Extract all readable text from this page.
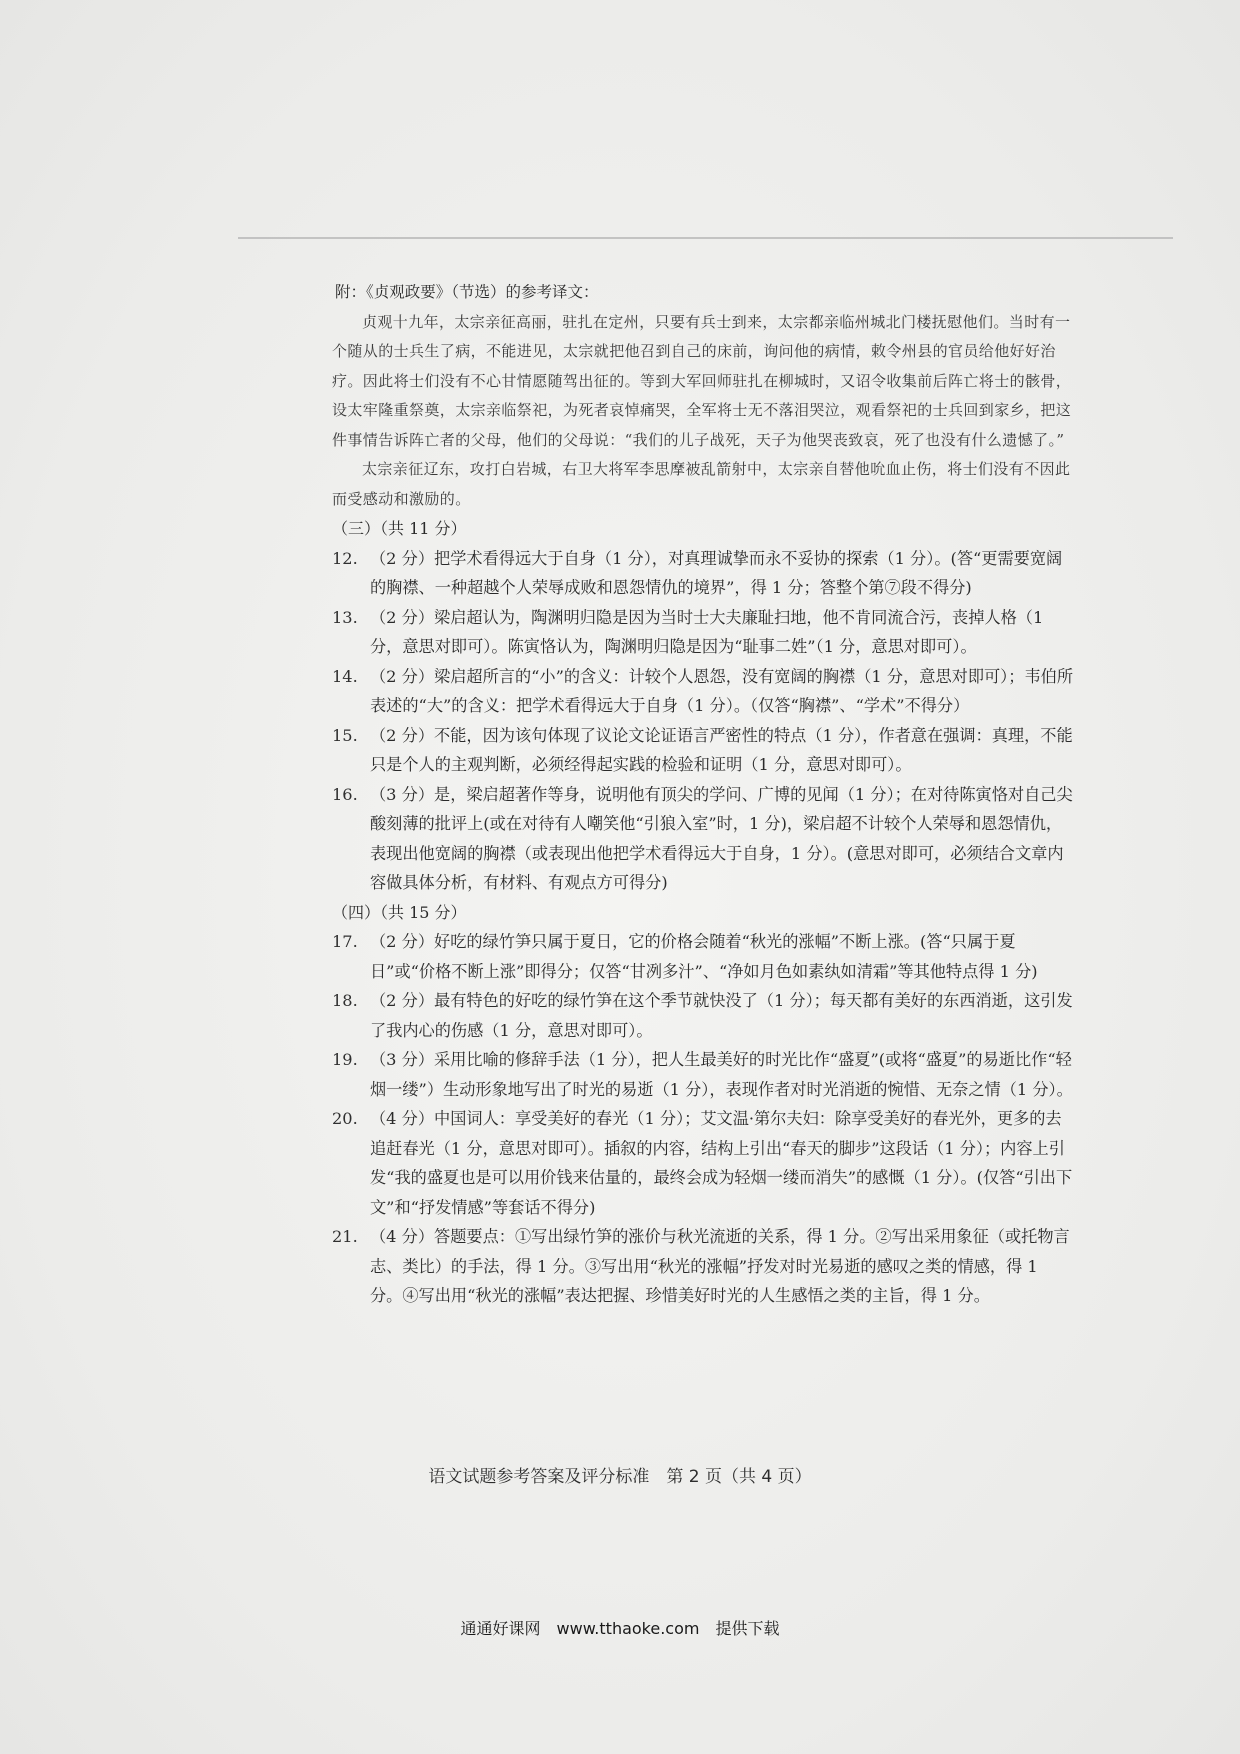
附：《贞观政要》（节选）的参考译文：

贞观十九年，太宗亲征高丽，驻扎在定州，只要有兵士到来，太宗都亲临州城北门楼抚慰他们。当时有一个随从的士兵生了病，不能进见，太宗就把他召到自己的床前，询问他的病情，敕令州县的官员给他好好治疗。因此将士们没有不心甘情愿随驾出征的。等到大军回师驻扎在柳城时，又诏令收集前后阵亡将士的骸骨，设太牢隆重祭奠，太宗亲临祭祀，为死者哀悼痛哭，全军将士无不落泪哭泣，观看祭祀的士兵回到家乡，把这件事情告诉阵亡者的父母，他们的父母说：“我们的儿子战死，天子为他哭丧致哀，死了也没有什么遗憾了。”

太宗亲征辽东，攻打白岩城，右卫大将军李思摩被乱箭射中，太宗亲自替他吮血止伤，将士们没有不因此而受感动和激励的。

（三）（共 11 分）

12. （2 分）把学术看得远大于自身（1 分），对真理诚挚而永不妥协的探索（1 分）。(答“更需要宽阔的胸襟、一种超越个人荣辱成败和恩怨情仇的境界”，得 1 分；答整个第⑦段不得分)
13. （2 分）梁启超认为，陶渊明归隐是因为当时士大夫廉耻扫地，他不肯同流合污，丧掉人格（1 分，意思对即可）。陈寅恪认为，陶渊明归隐是因为“耻事二姓”（1 分，意思对即可）。
14. （2 分）梁启超所言的“小”的含义：计较个人恩怨，没有宽阔的胸襟（1 分，意思对即可）；韦伯所表述的“大”的含义：把学术看得远大于自身（1 分）。（仅答“胸襟”、“学术”不得分）
15. （2 分）不能，因为该句体现了议论文论证语言严密性的特点（1 分），作者意在强调：真理，不能只是个人的主观判断，必须经得起实践的检验和证明（1 分，意思对即可）。
16. （3 分）是，梁启超著作等身，说明他有顶尖的学问、广博的见闻（1 分）；在对待陈寅恪对自己尖酸刻薄的批评上(或在对待有人嘲笑他“引狼入室”时，1 分)，梁启超不计较个人荣辱和恩怨情仇，表现出他宽阔的胸襟（或表现出他把学术看得远大于自身，1 分）。(意思对即可，必须结合文章内容做具体分析，有材料、有观点方可得分)

（四）（共 15 分）

17. （2 分）好吃的绿竹笋只属于夏日，它的价格会随着“秋光的涨幅”不断上涨。(答“只属于夏日”或“价格不断上涨”即得分；仅答“甘冽多汁”、“净如月色如素纨如清霜”等其他特点得 1 分)
18. （2 分）最有特色的好吃的绿竹笋在这个季节就快没了（1 分）；每天都有美好的东西消逝，这引发了我内心的伤感（1 分，意思对即可）。
19. （3 分）采用比喻的修辞手法（1 分），把人生最美好的时光比作“盛夏”(或将“盛夏”的易逝比作“轻烟一缕”）生动形象地写出了时光的易逝（1 分），表现作者对时光消逝的惋惜、无奈之情（1 分）。
20. （4 分）中国词人：享受美好的春光（1 分）；艾文温·第尔夫妇：除享受美好的春光外，更多的去追赶春光（1 分，意思对即可）。插叙的内容，结构上引出“春天的脚步”这段话（1 分）；内容上引发“我的盛夏也是可以用价钱来估量的，最终会成为轻烟一缕而消失”的感慨（1 分）。(仅答“引出下文”和“抒发情感”等套话不得分)
21. （4 分）答题要点：①写出绿竹笋的涨价与秋光流逝的关系，得 1 分。②写出采用象征（或托物言志、类比）的手法，得 1 分。③写出用“秋光的涨幅”抒发对时光易逝的感叹之类的情感，得 1 分。④写出用“秋光的涨幅”表达把握、珍惜美好时光的人生感悟之类的主旨，得 1 分。
语文试题参考答案及评分标准　第 2 页（共 4 页）
通通好课网　www.tthaoke.com　提供下载
